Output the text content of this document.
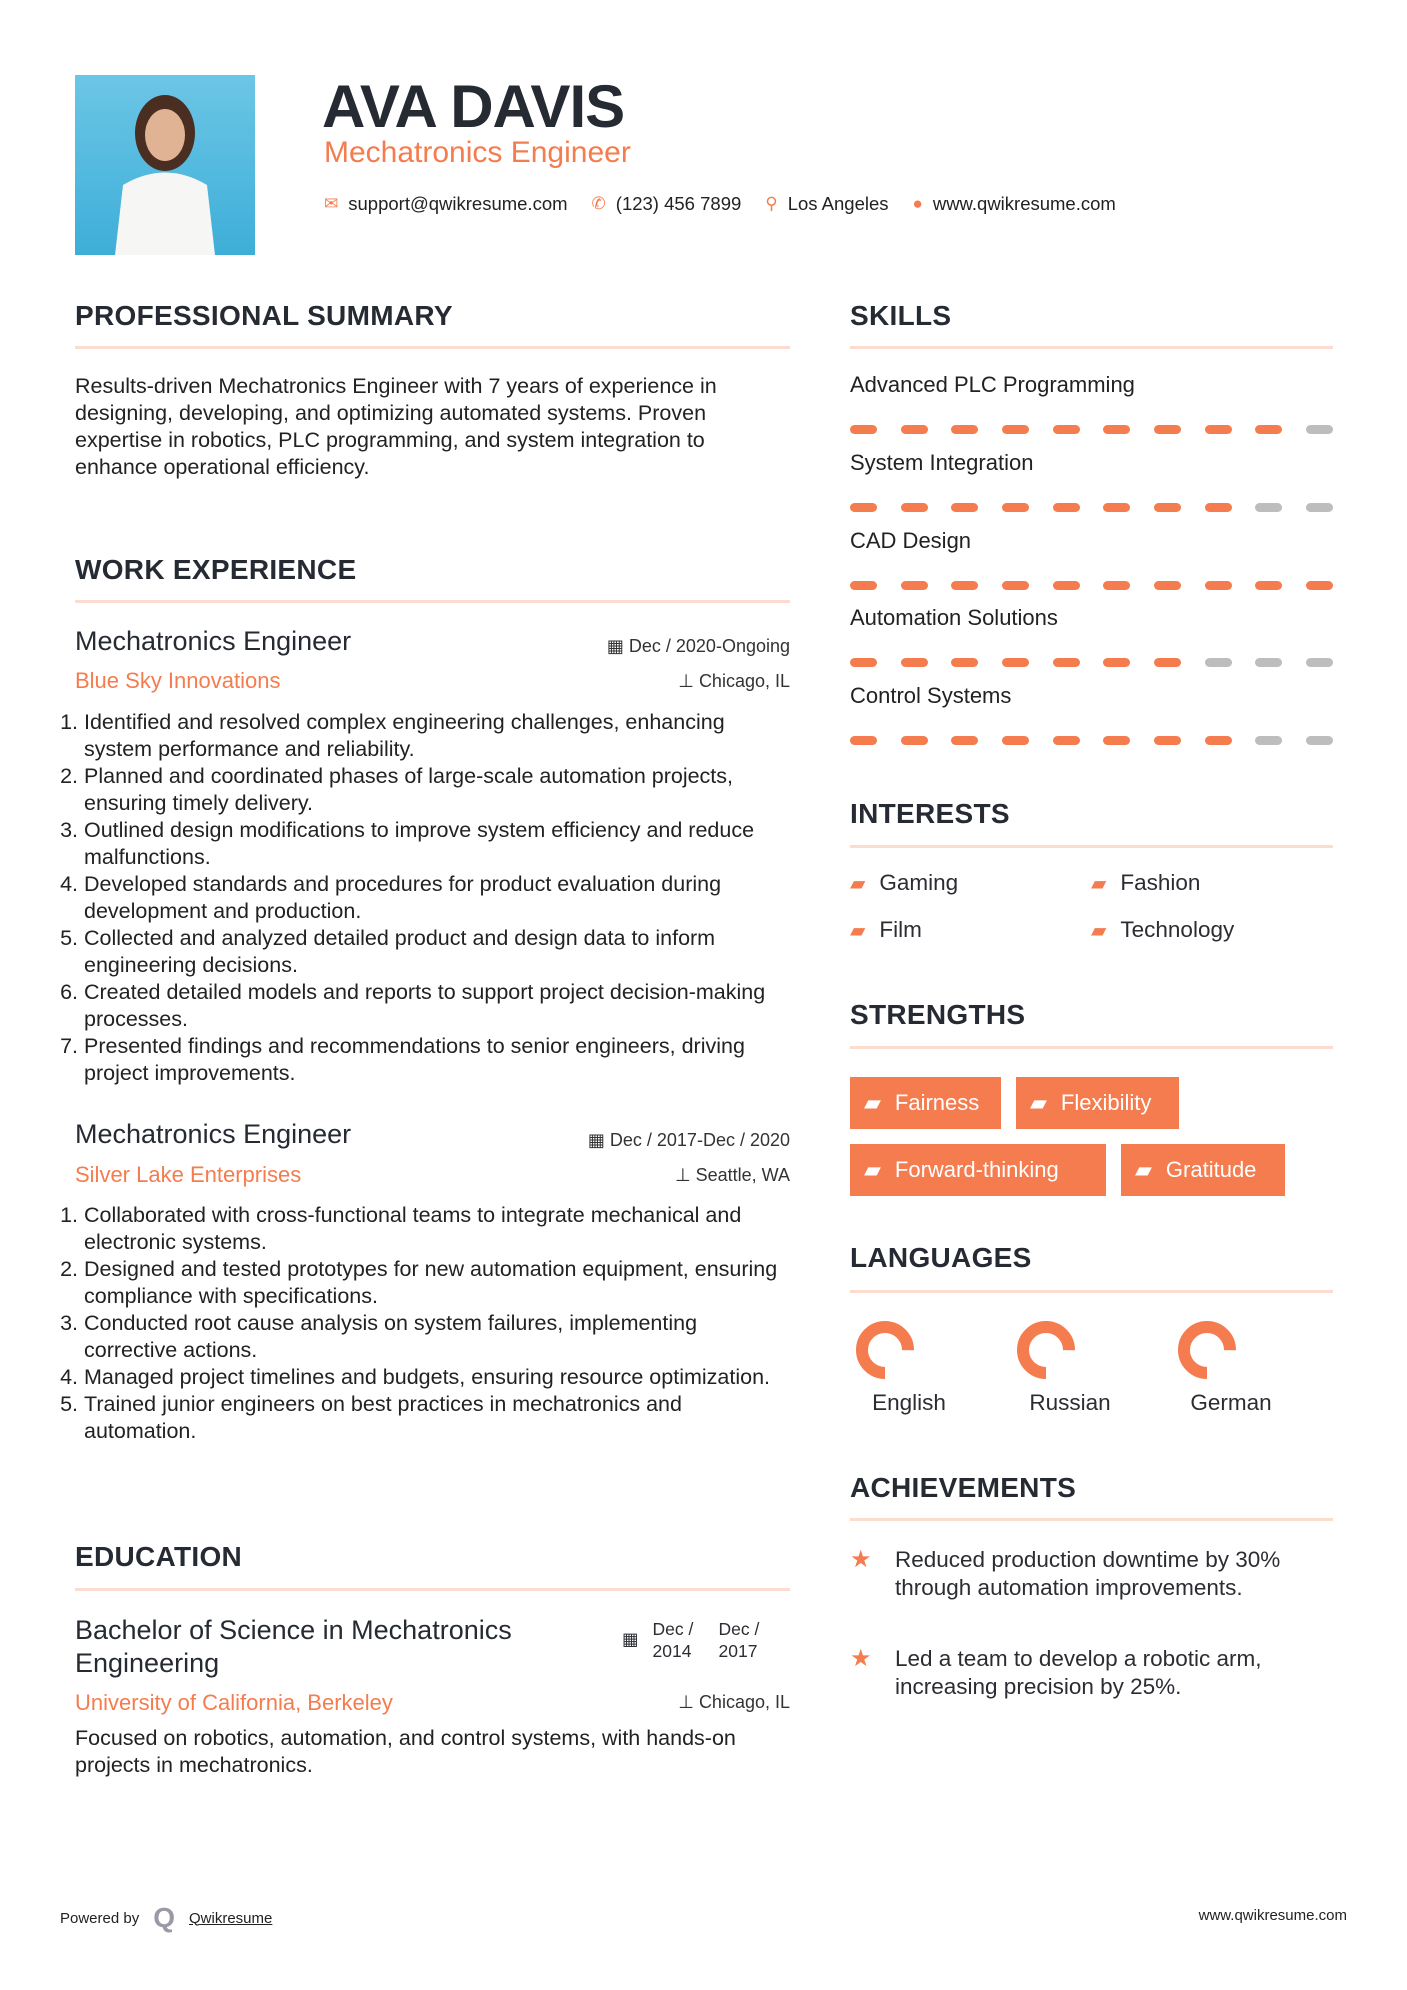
AVA DAVIS
Mechatronics Engineer
✉ support@qwikresume.com ✆ (123) 456 7899 ⚲ Los Angeles ● www.qwikresume.com
PROFESSIONAL SUMMARY
Results-driven Mechatronics Engineer with 7 years of experience in designing, developing, and optimizing automated systems. Proven expertise in robotics, PLC programming, and system integration to enhance operational efficiency.
WORK EXPERIENCE
Mechatronics Engineer	▦ Dec / 2020-Ongoing
Blue Sky Innovations	⊥ Chicago, IL
1. Identified and resolved complex engineering challenges, enhancing system performance and reliability.
2. Planned and coordinated phases of large-scale automation projects, ensuring timely delivery.
3. Outlined design modifications to improve system efficiency and reduce malfunctions.
4. Developed standards and procedures for product evaluation during development and production.
5. Collected and analyzed detailed product and design data to inform engineering decisions.
6. Created detailed models and reports to support project decision-making processes.
7. Presented findings and recommendations to senior engineers, driving project improvements.
Mechatronics Engineer	▦ Dec / 2017-Dec / 2020
Silver Lake Enterprises	⊥ Seattle, WA
1. Collaborated with cross-functional teams to integrate mechanical and electronic systems.
2. Designed and tested prototypes for new automation equipment, ensuring compliance with specifications.
3. Conducted root cause analysis on system failures, implementing corrective actions.
4. Managed project timelines and budgets, ensuring resource optimization.
5. Trained junior engineers on best practices in mechatronics and automation.
EDUCATION
Bachelor of Science in Mechatronics Engineering
▦ Dec / 2014
Dec / 2017
University of California, Berkeley	⊥ Chicago, IL
Focused on robotics, automation, and control systems, with hands-on projects in mechatronics.
SKILLS
Advanced PLC Programming
System Integration
CAD Design
Automation Solutions
Control Systems
INTERESTS
▰ Gaming	▰ Fashion
▰ Film	▰ Technology
STRENGTHS
▰ Fairness ▰ Flexibility
▰ Forward-thinking	▰ Gratitude
LANGUAGES
English	Russian	German
ACHIEVEMENTS
★	Reduced production downtime by 30% through automation improvements.
★	Led a team to develop a robotic arm, increasing precision by 25%.
Powered by Q Qwikresume	www.qwikresume.com
